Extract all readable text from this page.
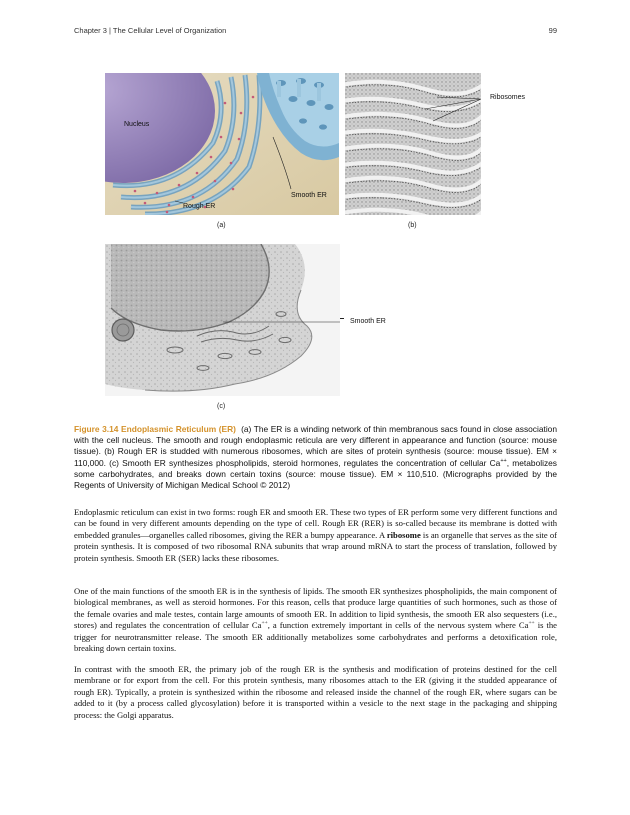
Chapter 3 | The Cellular Level of Organization	99
Nucleus
Rough ER
Smooth ER
(a)
Ribosomes
(b)
Smooth ER
(c)
Figure 3.14 Endoplasmic Reticulum (ER) (a) The ER is a winding network of thin membranous sacs found in close association with the cell nucleus. The smooth and rough endoplasmic reticula are very different in appearance and function (source: mouse tissue). (b) Rough ER is studded with numerous ribosomes, which are sites of protein synthesis (source: mouse tissue). EM × 110,000. (c) Smooth ER synthesizes phospholipids, steroid hormones, regulates the concentration of cellular Ca++, metabolizes some carbohydrates, and breaks down certain toxins (source: mouse tissue). EM × 110,510. (Micrographs provided by the Regents of University of Michigan Medical School © 2012)

Endoplasmic reticulum can exist in two forms: rough ER and smooth ER. These two types of ER perform some very different functions and can be found in very different amounts depending on the type of cell. Rough ER (RER) is so-called because its membrane is dotted with embedded granules—organelles called ribosomes, giving the RER a bumpy appearance. A ribosome is an organelle that serves as the site of protein synthesis. It is composed of two ribosomal RNA subunits that wrap around mRNA to start the process of translation, followed by protein synthesis. Smooth ER (SER) lacks these ribosomes.

One of the main functions of the smooth ER is in the synthesis of lipids. The smooth ER synthesizes phospholipids, the main component of biological membranes, as well as steroid hormones. For this reason, cells that produce large quantities of such hormones, such as those of the female ovaries and male testes, contain large amounts of smooth ER. In addition to lipid synthesis, the smooth ER also sequesters (i.e., stores) and regulates the concentration of cellular Ca++, a function extremely important in cells of the nervous system where Ca++ is the trigger for neurotransmitter release. The smooth ER additionally metabolizes some carbohydrates and performs a detoxification role, breaking down certain toxins.

In contrast with the smooth ER, the primary job of the rough ER is the synthesis and modification of proteins destined for the cell membrane or for export from the cell. For this protein synthesis, many ribosomes attach to the ER (giving it the studded appearance of rough ER). Typically, a protein is synthesized within the ribosome and released inside the channel of the rough ER, where sugars can be added to it (by a process called glycosylation) before it is transported within a vesicle to the next stage in the packaging and shipping process: the Golgi apparatus.
